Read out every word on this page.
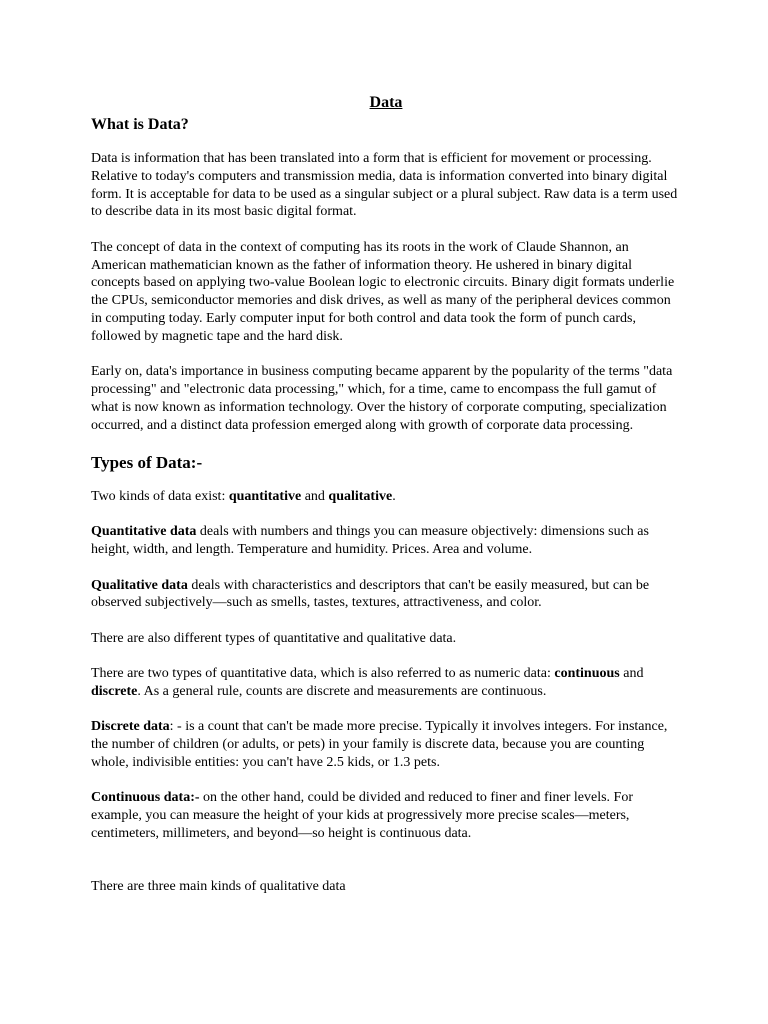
Data
What is Data?

Data is information that has been translated into a form that is efficient for movement or processing. Relative to today's computers and transmission media, data is information converted into binary digital form. It is acceptable for data to be used as a singular subject or a plural subject. Raw data is a term used to describe data in its most basic digital format.

The concept of data in the context of computing has its roots in the work of Claude Shannon, an American mathematician known as the father of information theory. He ushered in binary digital concepts based on applying two-value Boolean logic to electronic circuits. Binary digit formats underlie the CPUs, semiconductor memories and disk drives, as well as many of the peripheral devices common in computing today. Early computer input for both control and data took the form of punch cards, followed by magnetic tape and the hard disk.

Early on, data's importance in business computing became apparent by the popularity of the terms "data processing" and "electronic data processing," which, for a time, came to encompass the full gamut of what is now known as information technology. Over the history of corporate computing, specialization occurred, and a distinct data profession emerged along with growth of corporate data processing.

Types of Data:-

Two kinds of data exist: quantitative and qualitative.

Quantitative data deals with numbers and things you can measure objectively: dimensions such as height, width, and length. Temperature and humidity. Prices. Area and volume.

Qualitative data deals with characteristics and descriptors that can't be easily measured, but can be observed subjectively—such as smells, tastes, textures, attractiveness, and color.

There are also different types of quantitative and qualitative data.

There are two types of quantitative data, which is also referred to as numeric data: continuous and discrete. As a general rule, counts are discrete and measurements are continuous.

Discrete data: - is a count that can't be made more precise. Typically it involves integers. For instance, the number of children (or adults, or pets) in your family is discrete data, because you are counting whole, indivisible entities: you can't have 2.5 kids, or 1.3 pets.

Continuous data:- on the other hand, could be divided and reduced to finer and finer levels. For example, you can measure the height of your kids at progressively more precise scales—meters, centimeters, millimeters, and beyond—so height is continuous data.

There are three main kinds of qualitative data
